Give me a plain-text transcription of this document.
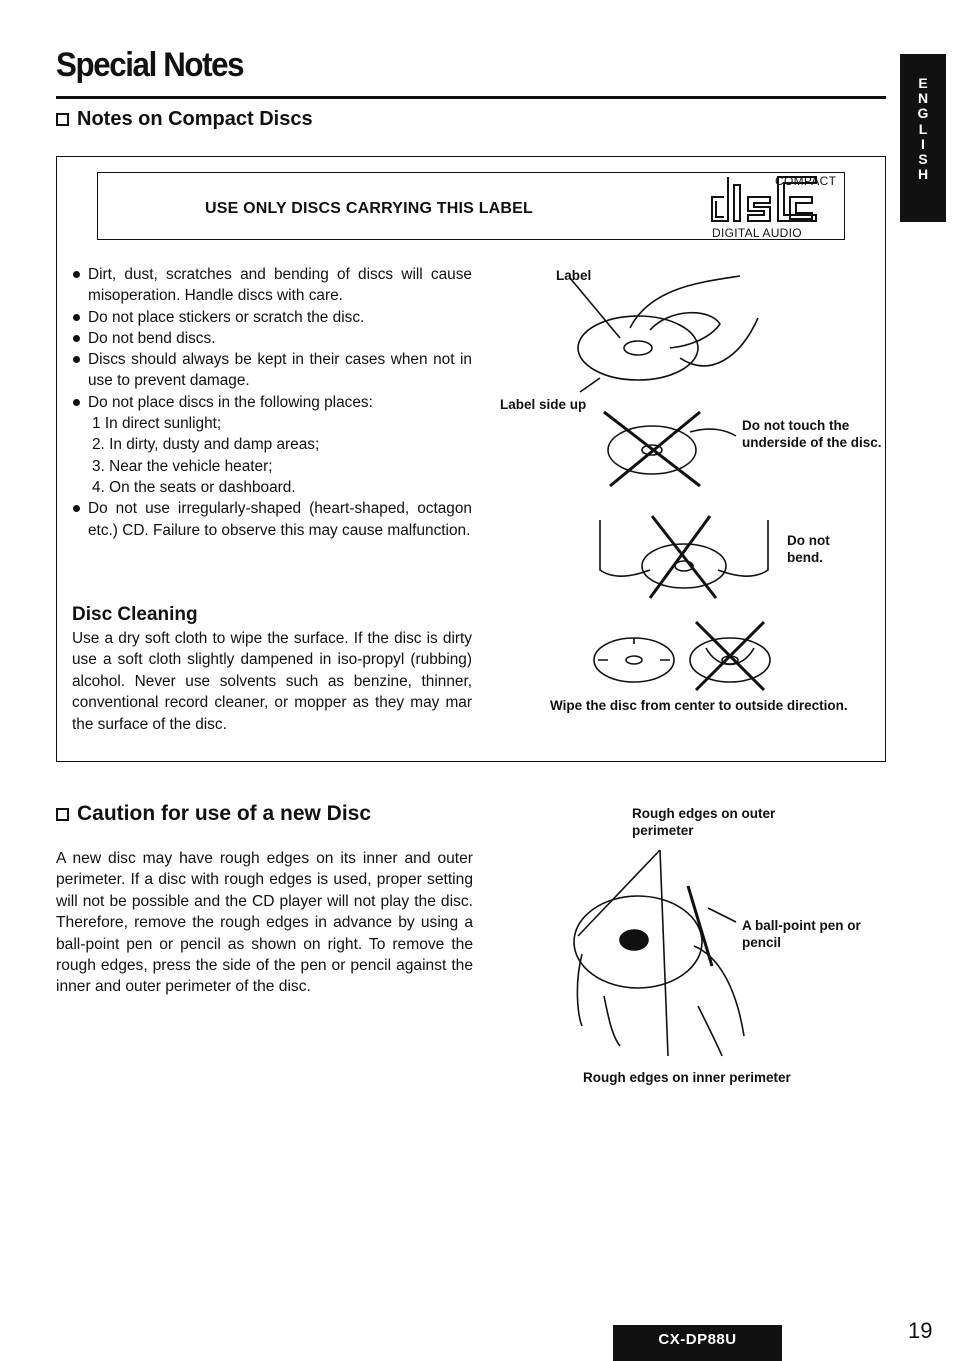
Special Notes	E
N
G
L
I
S
H
Notes on Compact Discs
USE ONLY DISCS CARRYING THIS LABEL
COMPACT
DIGITAL AUDIO
Dirt, dust, scratches and bending of discs will cause misoperation. Handle discs with care.
Do not place stickers or scratch the disc.
Do not bend discs.
Discs should always be kept in their cases when not in use to prevent damage.
Do not place discs in the following places:
1 In direct sunlight;
2. In dirty, dusty and damp areas;
3. Near the vehicle heater;
4. On the seats or dashboard.
Do not use irregularly-shaped (heart-shaped, octagon etc.) CD. Failure to observe this may cause malfunction.
Disc Cleaning

Use a dry soft cloth to wipe the surface. If the disc is dirty use a soft cloth slightly dampened in iso-propyl (rubbing) alcohol. Never use solvents such as benzine, thinner, conventional record cleaner, or mopper as they may mar the surface of the disc.

Label
Label side up
Do not touch the underside of the disc.
Do not bend.
Wipe the disc from center to outside direction.
Caution for use of a new Disc

A new disc may have rough edges on its inner and outer perimeter. If a disc with rough edges is used, proper setting will not be possible and the CD player will not play the disc. Therefore, remove the rough edges in advance by using a ball-point pen or pencil as shown on right. To remove the rough edges, press the side of the pen or pencil against the inner and outer perimeter of the disc.

Rough edges on outer perimeter
A ball-point pen or pencil
Rough edges on inner perimeter
CX-DP88U	19
